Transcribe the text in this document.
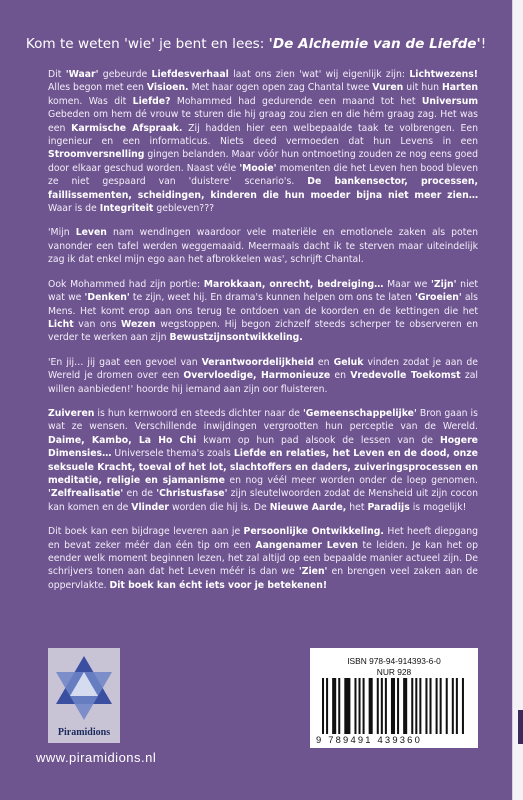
Kom te weten 'wie' je bent en lees: 'De Alchemie van de Liefde'!

Dit 'Waar' gebeurde Liefdesverhaal laat ons zien 'wat' wij eigenlijk zijn: Lichtwezens! Alles begon met een Visioen. Met haar ogen open zag Chantal twee Vuren uit hun Harten komen. Was dit Liefde? Mohammed had gedurende een maand tot het Universum Gebeden om hem dé vrouw te sturen die hij graag zou zien en die hém graag zag. Het was een Karmische Afspraak. Zij hadden hier een welbepaalde taak te volbrengen. Een ingenieur en een informaticus. Niets deed vermoeden dat hun Levens in een Stroomversnelling gingen belanden. Maar vóór hun ontmoeting zouden ze nog eens goed door elkaar geschud worden. Naast véle 'Mooie' momenten die het Leven hen bood bleven ze niet gespaard van 'duistere' scenario's. De bankensector, processen, faillissementen, scheidingen, kinderen die hun moeder bijna niet meer zien… Waar is de Integriteit gebleven???

'Mijn Leven nam wendingen waardoor vele materiële en emotionele zaken als poten vanonder een tafel werden weggemaaid. Meermaals dacht ik te sterven maar uiteindelijk zag ik dat enkel mijn ego aan het afbrokkelen was', schrijft Chantal.

Ook Mohammed had zijn portie: Marokkaan, onrecht, bedreiging… Maar we 'Zijn' niet wat we 'Denken' te zijn, weet hij. En drama's kunnen helpen om ons te laten 'Groeien' als Mens. Het komt erop aan ons terug te ontdoen van de koorden en de kettingen die het Licht van ons Wezen wegstoppen. Hij begon zichzelf steeds scherper te observeren en verder te werken aan zijn Bewustzijnsontwikkeling.

'En jij… jij gaat een gevoel van Verantwoordelijkheid en Geluk vinden zodat je aan de Wereld je dromen over een Overvloedige, Harmonieuze en Vredevolle Toekomst zal willen aanbieden!' hoorde hij iemand aan zijn oor fluisteren.

Zuiveren is hun kernwoord en steeds dichter naar de 'Gemeenschappelijke' Bron gaan is wat ze wensen. Verschillende inwijdingen vergrootten hun perceptie van de Wereld. Daime, Kambo, La Ho Chi kwam op hun pad alsook de lessen van de Hogere Dimensies… Universele thema's zoals Liefde en relaties, het Leven en de dood, onze seksuele Kracht, toeval of het lot, slachtoffers en daders, zuiveringsprocessen en meditatie, religie en sjamanisme en nog véél meer worden onder de loep genomen. 'Zelfrealisatie' en de 'Christusfase' zijn sleutelwoorden zodat de Mensheid uit zijn cocon kan komen en de Vlinder worden die hij is. De Nieuwe Aarde, het Paradijs is mogelijk!

Dit boek kan een bijdrage leveren aan je Persoonlijke Ontwikkeling. Het heeft diepgang en bevat zeker méér dan één tip om een Aangenamer Leven te leiden. Je kan het op eender welk moment beginnen lezen, het zal altijd op een bepaalde manier actueel zijn. De schrijvers tonen aan dat het Leven méér is dan we 'Zien' en brengen veel zaken aan de oppervlakte. Dit boek kan écht iets voor je betekenen!

Piramidions
www.piramidions.nl
ISBN 978-94-914393-6-0
NUR 928
9 789491 439360
